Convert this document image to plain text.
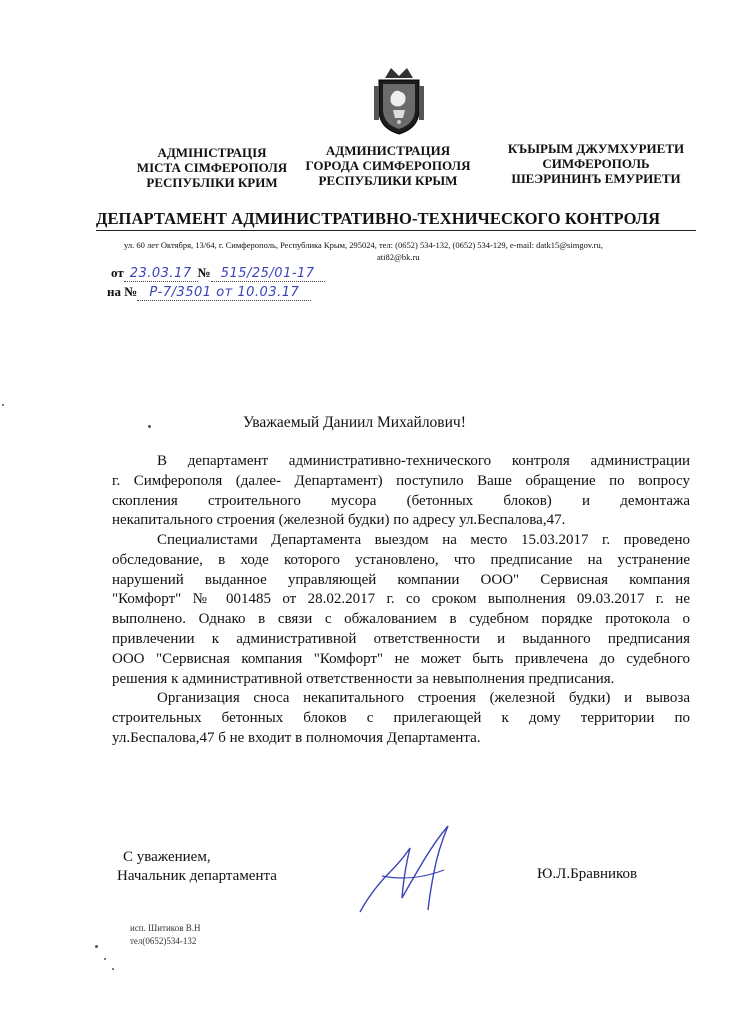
АДМІНІСТРАЦІЯ
МІСТА СІМФЕРОПОЛЯ
РЕСПУБЛІКИ КРИМ
АДМИНИСТРАЦИЯ
ГОРОДА СИМФЕРОПОЛЯ
РЕСПУБЛИКИ КРЫМ
КЪЫРЫМ ДЖУМХУРИЕТИ
СИМФЕРОПОЛЬ
ШЕЭРИНИНЪ ЕМУРИЕТИ
ДЕПАРТАМЕНТ АДМИНИСТРАТИВНО-ТЕХНИЧЕСКОГО КОНТРОЛЯ
ул. 60 лет Октября, 13/64, г. Симферополь, Республика Крым, 295024, тел: (0652) 534-132, (0652) 534-129, e-mail: datk15@simgov.ru,
ati82@bk.ru
от 23.03.17 № 515/25/01-17
на № Р-7/3501 от 10.03.17
Уважаемый Даниил Михайлович!
В департамент административно-технического контроля администрации
г. Симферополя (далее- Департамент) поступило Ваше обращение по вопросу
скопления строительного мусора (бетонных блоков) и демонтажа
некапитального строения (железной будки) по адресу ул.Беспалова,47.
Специалистами Департамента выездом на место 15.03.2017 г. проведено
обследование, в ходе которого установлено, что предписание на устранение
нарушений выданное управляющей компании ООО" Сервисная компания
"Комфорт" № 001485 от 28.02.2017 г. со сроком выполнения 09.03.2017 г. не
выполнено. Однако в связи с обжалованием в судебном порядке протокола о
привлечении к административной ответственности и выданного предписания
ООО "Сервисная компания "Комфорт" не может быть привлечена до судебного
решения к административной ответственности за невыполнения предписания.
Организация сноса некапитального строения (железной будки) и вывоза
строительных бетонных блоков с прилегающей к дому территории по
ул.Беспалова,47 б не входит в полномочия Департамента.
С уважением,
Начальник департамента	Ю.Л.Бравников
исп. Шитиков В.Н
тел(0652)534-132
